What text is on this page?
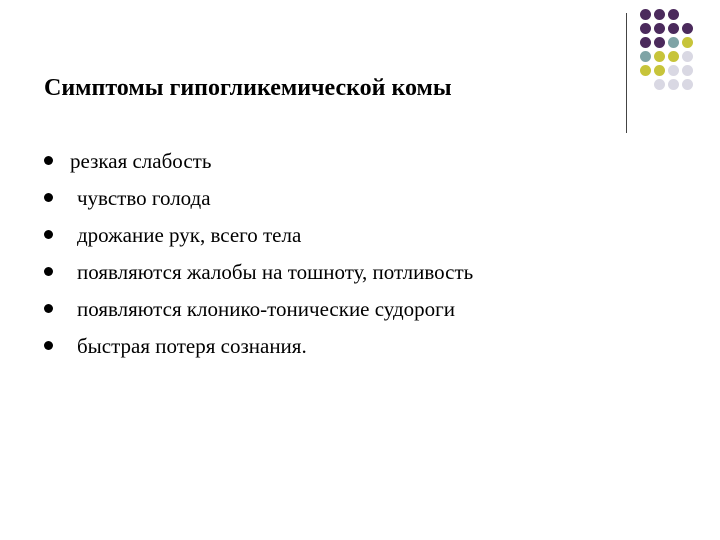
Симптомы гипогликемической комы
резкая слабость
чувство голода
дрожание рук, всего тела
появляются жалобы на тошноту, потливость
появляются клонико-тонические судороги
быстрая потеря сознания.
